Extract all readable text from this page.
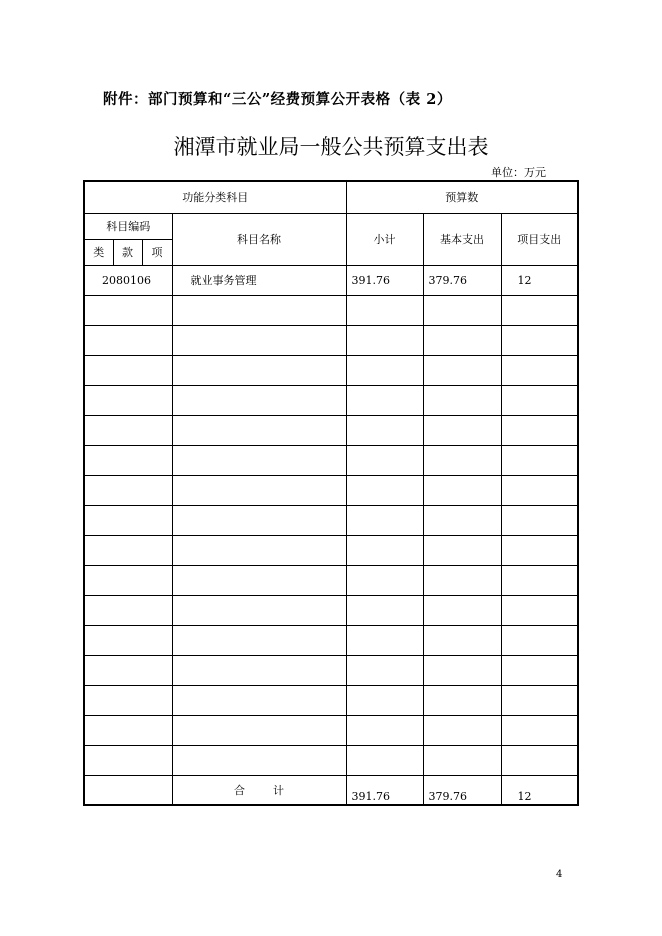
附件：部门预算和“三公”经费预算公开表格（表 2）
湘潭市就业局一般公共预算支出表
单位：万元
功能分类科目				预算数		
科目编码			科目名称	小计	基本支出	项目支出
类	款	项				
2080106			就业事务管理	391.76	379.76	12

			合 计	391.76	379.76	12
4
